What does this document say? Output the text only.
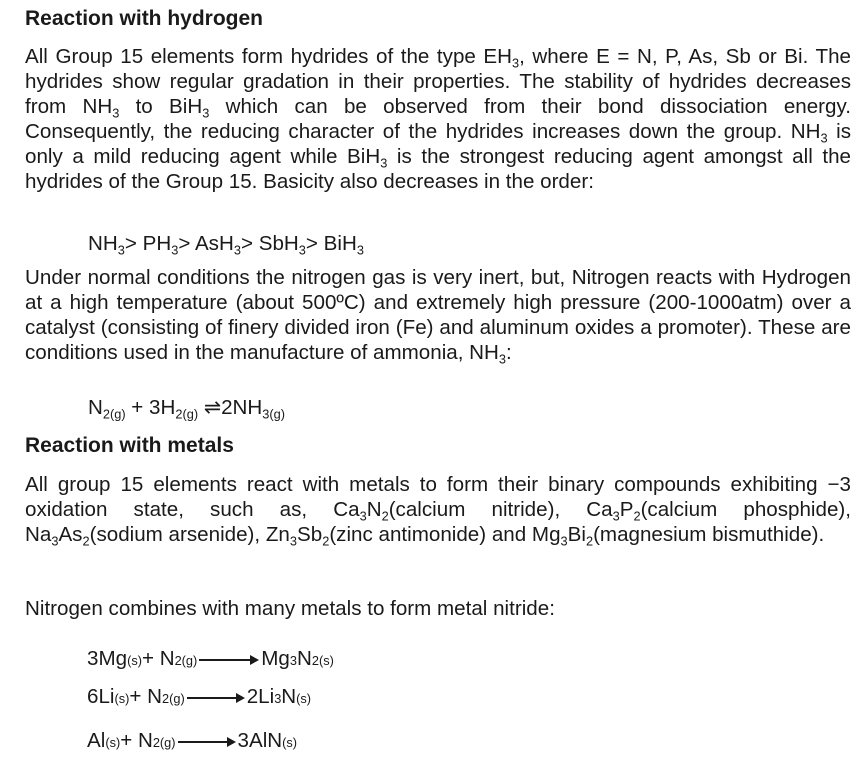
Reaction with hydrogen

All Group 15 elements form hydrides of the type $EH_3$, where E = N, P, As, Sb or Bi. The hydrides show regular gradation in their properties. The stability of hydrides decreases from $NH_3$ to BiH$_3$ which can be observed from their bond dissociation energy. Consequently, the reducing character of the hydrides increases down the group. $NH_3$ is only a mild reducing agent while BiH$_3$ is the strongest reducing agent amongst all the hydrides of the Group 15. Basicity also decreases in the order:

$NH_3> PH_3> AsH_3> SbH_3> BiH_3$

Under normal conditions the nitrogen gas is very inert, but, Nitrogen reacts with Hydrogen at a high temperature (about 500ºC) and extremely high pressure (200-1000atm) over a catalyst (consisting of finery divided iron (Fe) and aluminum oxides a promoter). These are conditions used in the manufacture of ammonia, $NH_3$:

$N_{2(g)} + 3H_{2(g)}$ $\rightleftharpoons 2NH_{3(g)}$
Reaction with metals

All group 15 elements react with metals to form their binary compounds exhibiting −3 oxidation state, such as, $Ca_3N_2(calcium$ nitride), $Ca_3P_2(calcium$ phosphide), $Na_3As_2(sodium$ arsenide), $Zn_3Sb_2(zinc$ antimonide) and $Mg_3Bi_2(magnesium$ bismuthide).

Nitrogen combines with many metals to form metal nitride:

3Mg (s) + N 2(g)	Mg 3 N 2(s)
6Li (s) + N 2(g)	2Li 3 N (s)
Al (s) + N 2(g)	3AlN (s)
